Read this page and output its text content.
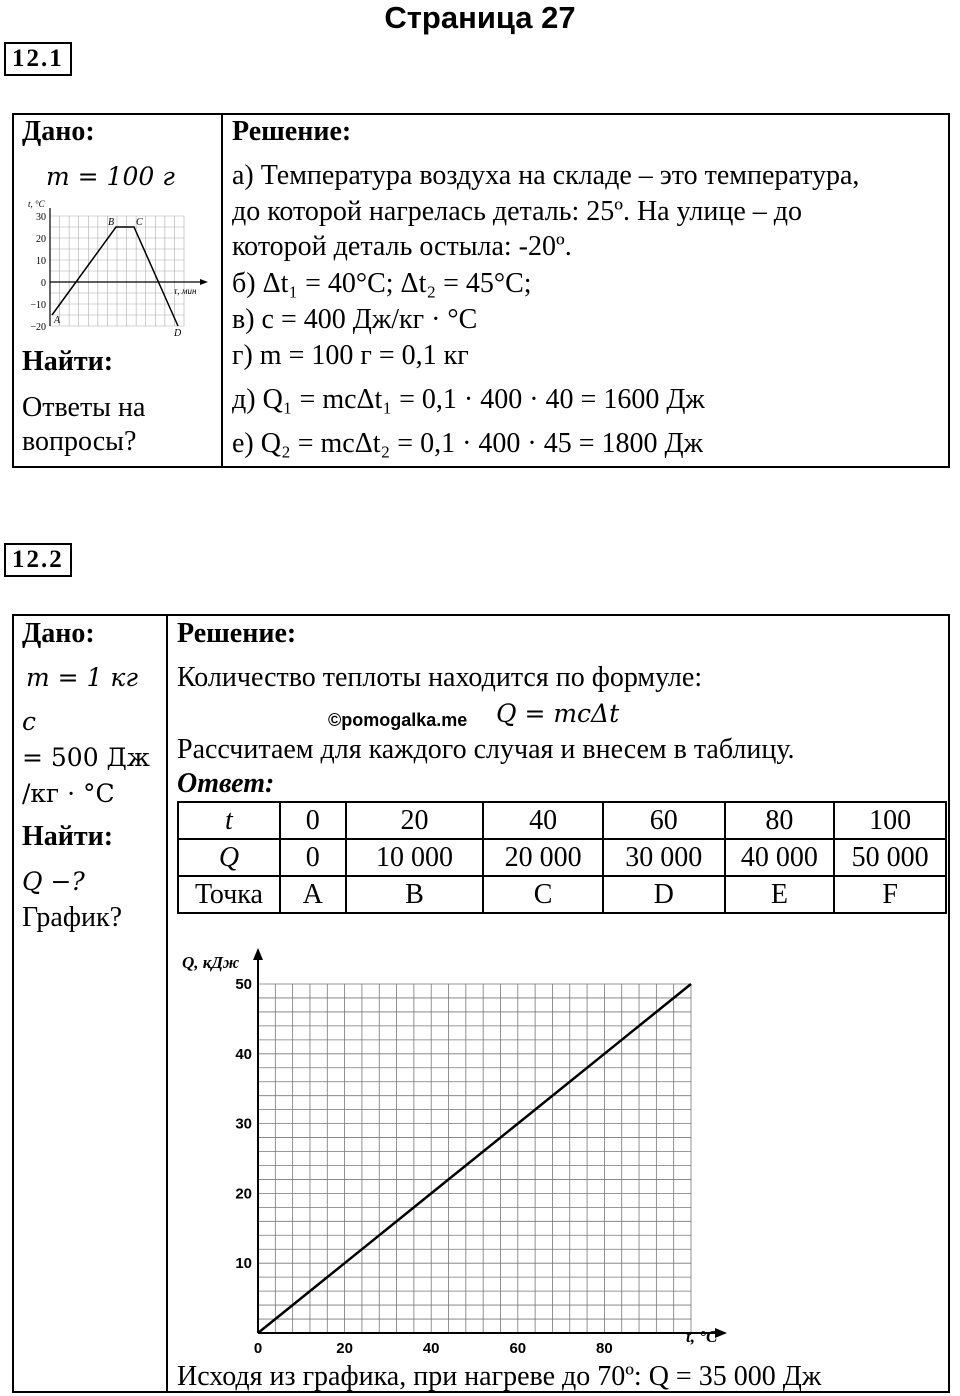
Страница 27
12.1
Дано:
m = 100 г
t, °C
τ, мин
30
20
10
0
−10
−20
A
B C
D
Найти:
Ответы на
вопросы?
Решение:
а) Температура воздуха на складе – это температура,
до которой нагрелась деталь: 25º. На улице – до
которой деталь остыла: -20º.
б) Δt₁ = 40°C; Δt₂ = 45°C;
в) c = 400 Дж/кг · °C
г) m = 100 г = 0,1 кг
д) Q₁ = mcΔt₁ = 0,1 · 400 · 40 = 1600 Дж
е) Q₂ = mcΔt₂ = 0,1 · 400 · 45 = 1800 Дж
12.2
Дано:
m = 1 кг
c
= 500 Дж
/кг · °C
Найти:
Q −?
График?
Решение:
Количество теплоты находится по формуле:
©pomogalka.me Q = mcΔt
Рассчитаем для каждого случая и внесем в таблицу.
Ответ:
t	0	20	40	60	80	100
Q	0	10 000	20 000	30 000	40 000	50 000
Точка	A	B	C	D	E	F
0	20	40	60	80
10
20
30
40
50
Q, кДж
t, °C
Исходя из графика, при нагреве до 70º: Q = 35 000 Дж
